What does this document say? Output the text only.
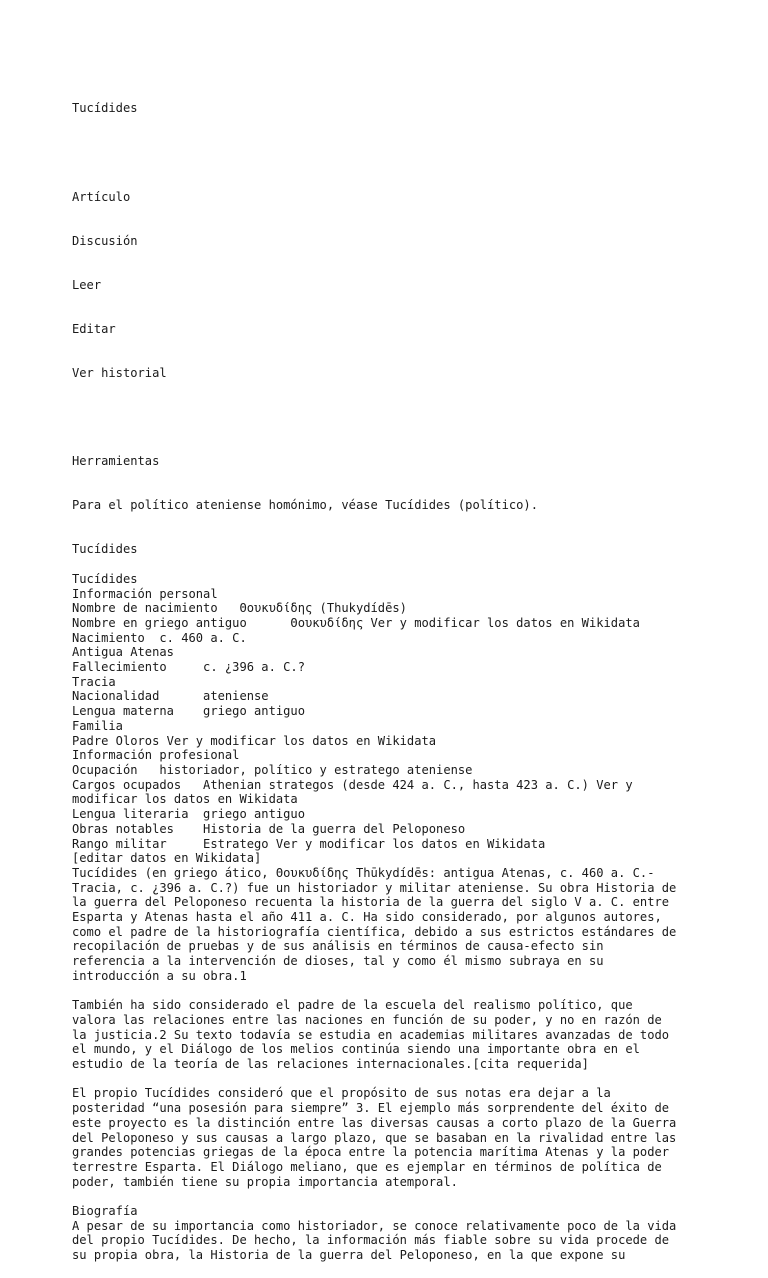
Tucídides

Artículo

Discusión

Leer

Editar

Ver historial

Herramientas

Para el político ateniense homónimo, véase Tucídides (político).

Tucídides
Tucídides
Información personal
Nombre de nacimiento   Θουκυδίδης (Thukydídēs)
Nombre en griego antiguo      Θουκυδίδης Ver y modificar los datos en Wikidata
Nacimiento  c. 460 a. C.
Antigua Atenas
Fallecimiento     c. ¿396 a. C.?
Tracia
Nacionalidad      ateniense
Lengua materna    griego antiguo
Familia
Padre Oloros Ver y modificar los datos en Wikidata
Información profesional
Ocupación   historiador, político y estratego ateniense
Cargos ocupados   Athenian strategos (desde 424 a. C., hasta 423 a. C.) Ver y
modificar los datos en Wikidata
Lengua literaria  griego antiguo
Obras notables    Historia de la guerra del Peloponeso
Rango militar     Estratego Ver y modificar los datos en Wikidata
[editar datos en Wikidata]
Tucídides (en griego ático, Θουκυδίδης Thūkydídēs: antigua Atenas, c. 460 a. C.-
Tracia, c. ¿396 a. C.?) fue un historiador y militar ateniense. Su obra Historia de
la guerra del Peloponeso recuenta la historia de la guerra del siglo V a. C. entre
Esparta y Atenas hasta el año 411 a. C. Ha sido considerado, por algunos autores,
como el padre de la historiografía científica, debido a sus estrictos estándares de
recopilación de pruebas y de sus análisis en términos de causa-efecto sin
referencia a la intervención de dioses, tal y como él mismo subraya en su
introducción a su obra.1
También ha sido considerado el padre de la escuela del realismo político, que
valora las relaciones entre las naciones en función de su poder, y no en razón de
la justicia.2 Su texto todavía se estudia en academias militares avanzadas de todo
el mundo, y el Diálogo de los melios continúa siendo una importante obra en el
estudio de la teoría de las relaciones internacionales.[cita requerida]
El propio Tucídides consideró que el propósito de sus notas era dejar a la
posteridad “una posesión para siempre” 3. El ejemplo más sorprendente del éxito de
este proyecto es la distinción entre las diversas causas a corto plazo de la Guerra
del Peloponeso y sus causas a largo plazo, que se basaban en la rivalidad entre las
grandes potencias griegas de la época entre la potencia marítima Atenas y la poder
terrestre Esparta. El Diálogo meliano, que es ejemplar en términos de política de
poder, también tiene su propia importancia atemporal.
Biografía
A pesar de su importancia como historiador, se conoce relativamente poco de la vida
del propio Tucídides. De hecho, la información más fiable sobre su vida procede de
su propia obra, la Historia de la guerra del Peloponeso, en la que expone su
